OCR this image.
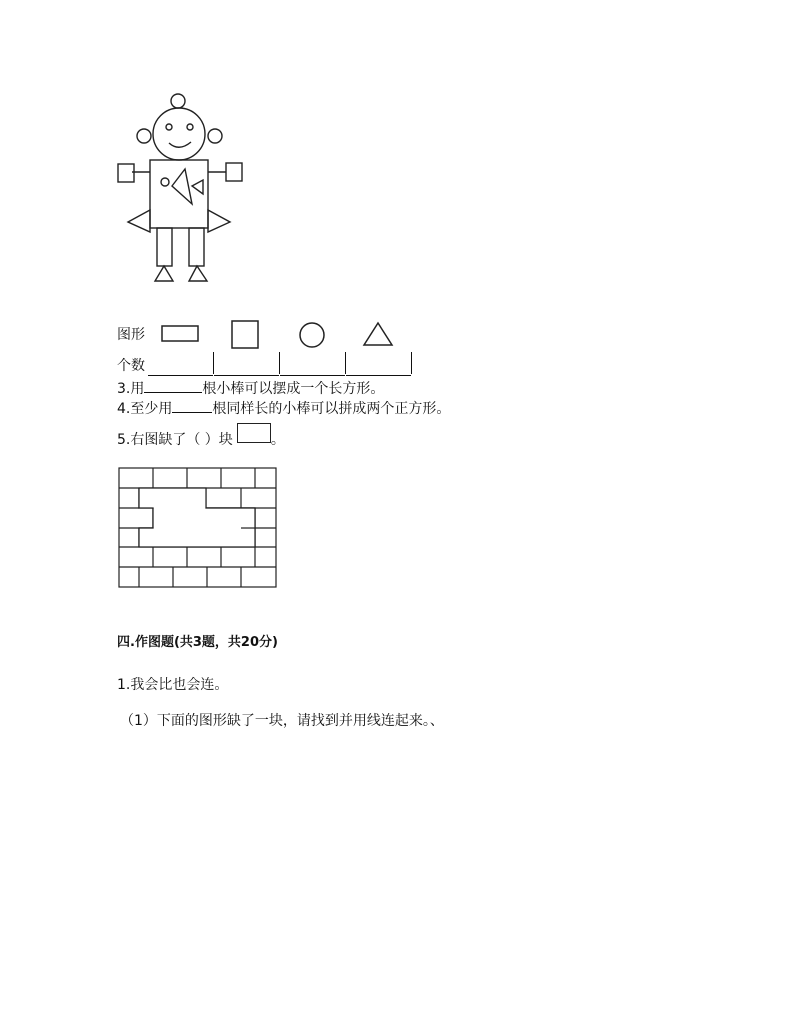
图形
个数
3.用	根小棒可以摆成一个长方形。
4.至少用	根同样长的小棒可以拼成两个正方形。
5.右图缺了（ ）块	。
四.作图题(共3题，共20分)
1.我会比也会连。
（1）下面的图形缺了一块，请找到并用线连起来。、
